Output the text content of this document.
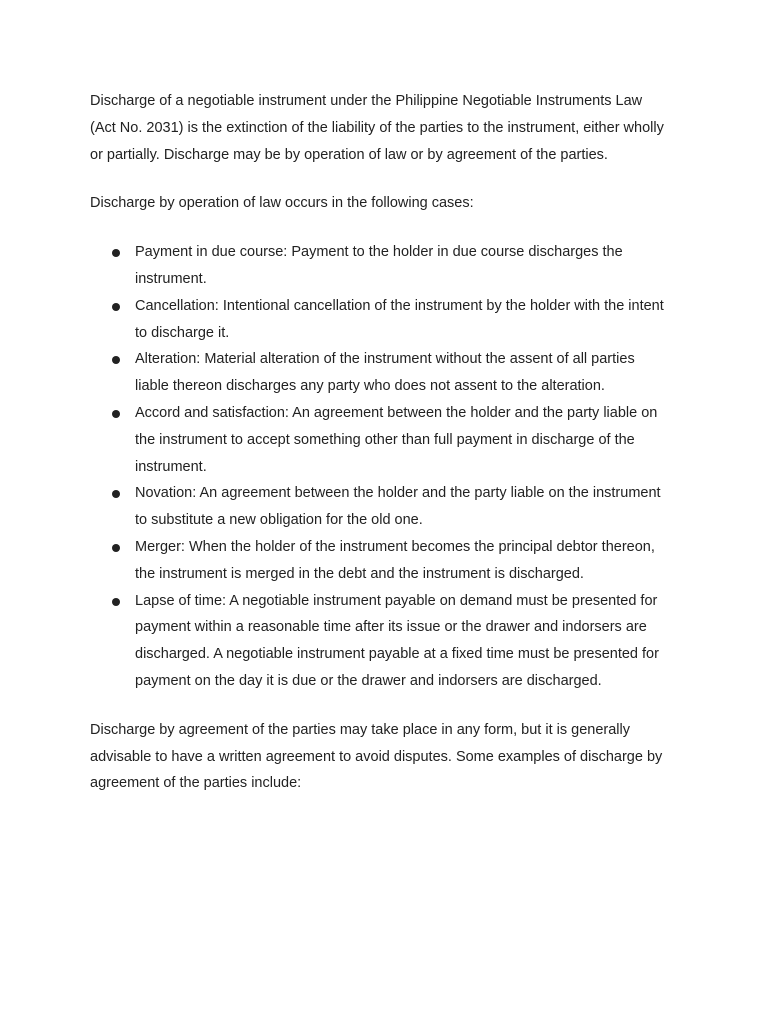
Discharge of a negotiable instrument under the Philippine Negotiable Instruments Law (Act No. 2031) is the extinction of the liability of the parties to the instrument, either wholly or partially. Discharge may be by operation of law or by agreement of the parties.

Discharge by operation of law occurs in the following cases:

Payment in due course: Payment to the holder in due course discharges the instrument.
Cancellation: Intentional cancellation of the instrument by the holder with the intent to discharge it.
Alteration: Material alteration of the instrument without the assent of all parties liable thereon discharges any party who does not assent to the alteration.
Accord and satisfaction: An agreement between the holder and the party liable on the instrument to accept something other than full payment in discharge of the instrument.
Novation: An agreement between the holder and the party liable on the instrument to substitute a new obligation for the old one.
Merger: When the holder of the instrument becomes the principal debtor thereon, the instrument is merged in the debt and the instrument is discharged.
Lapse of time: A negotiable instrument payable on demand must be presented for payment within a reasonable time after its issue or the drawer and indorsers are discharged. A negotiable instrument payable at a fixed time must be presented for payment on the day it is due or the drawer and indorsers are discharged.

Discharge by agreement of the parties may take place in any form, but it is generally advisable to have a written agreement to avoid disputes. Some examples of discharge by agreement of the parties include:
